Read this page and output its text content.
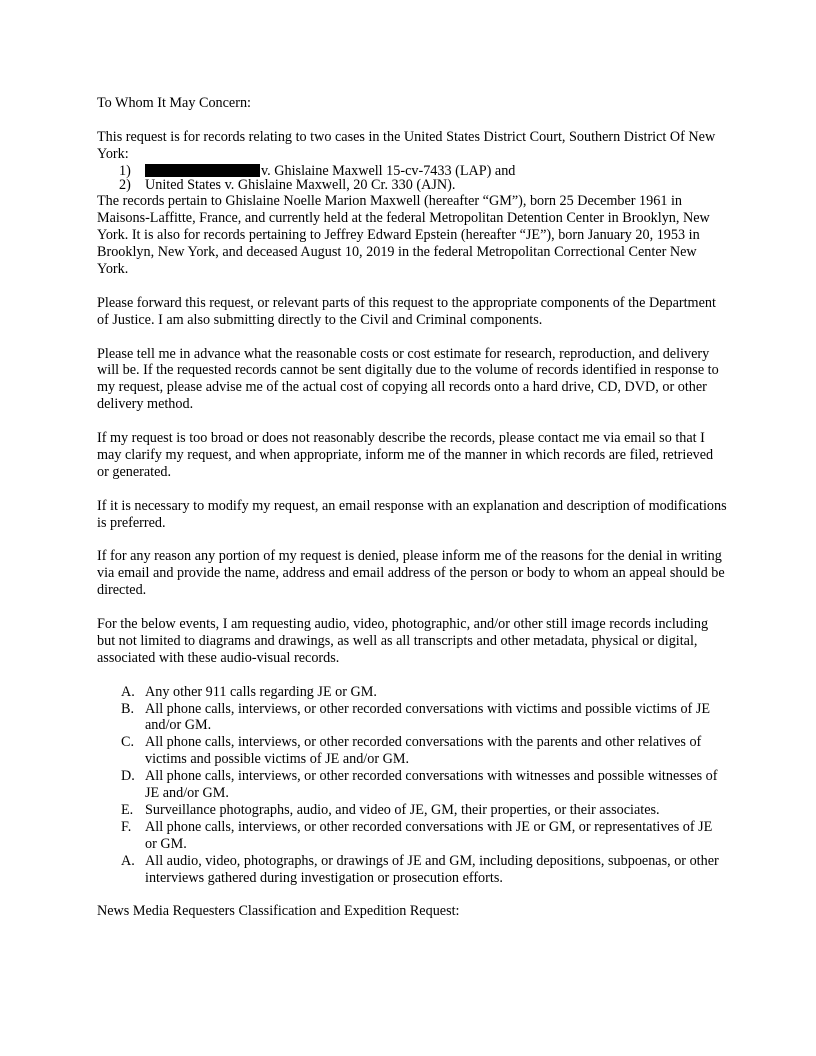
To Whom It May Concern:

This request is for records relating to two cases in the United States District Court, Southern District Of New York:

1)	v. Ghislaine Maxwell 15-cv-7433 (LAP) and
2) United States v. Ghislaine Maxwell, 20 Cr. 330 (AJN).

The records pertain to Ghislaine Noelle Marion Maxwell (hereafter “GM”), born 25 December 1961 in Maisons-Laffitte, France, and currently held at the federal Metropolitan Detention Center in Brooklyn, New York. It is also for records pertaining to Jeffrey Edward Epstein (hereafter “JE”), born January 20, 1953 in Brooklyn, New York, and deceased August 10, 2019 in the federal Metropolitan Correctional Center New York.

Please forward this request, or relevant parts of this request to the appropriate components of the Department of Justice. I am also submitting directly to the Civil and Criminal components.

Please tell me in advance what the reasonable costs or cost estimate for research, reproduction, and delivery will be. If the requested records cannot be sent digitally due to the volume of records identified in response to my request, please advise me of the actual cost of copying all records onto a hard drive, CD, DVD, or other delivery method.

If my request is too broad or does not reasonably describe the records, please contact me via email so that I may clarify my request, and when appropriate, inform me of the manner in which records are filed, retrieved or generated.

If it is necessary to modify my request, an email response with an explanation and description of modifications is preferred.

If for any reason any portion of my request is denied, please inform me of the reasons for the denial in writing via email and provide the name, address and email address of the person or body to whom an appeal should be directed.

For the below events, I am requesting audio, video, photographic, and/or other still image records including but not limited to diagrams and drawings, as well as all transcripts and other metadata, physical or digital, associated with these audio-visual records.

A. Any other 911 calls regarding JE or GM.
B. All phone calls, interviews, or other recorded conversations with victims and possible victims of JE and/or GM.
C. All phone calls, interviews, or other recorded conversations with the parents and other relatives of victims and possible victims of JE and/or GM.
D. All phone calls, interviews, or other recorded conversations with witnesses and possible witnesses of JE and/or GM.
E. Surveillance photographs, audio, and video of JE, GM, their properties, or their associates.
F. All phone calls, interviews, or other recorded conversations with JE or GM, or representatives of JE or GM.
A. All audio, video, photographs, or drawings of JE and GM, including depositions, subpoenas, or other interviews gathered during investigation or prosecution efforts.

News Media Requesters Classification and Expedition Request:
